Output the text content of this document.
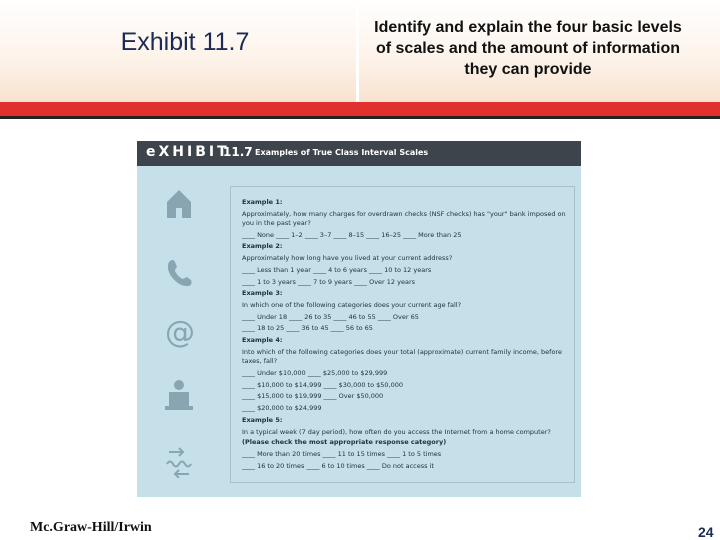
Exhibit 11.7
Identify and explain the four basic levels of scales and the amount of information they can provide
eXHIBIT
11.7 Examples of True Class Interval Scales
@
Example 1:
Approximately, how many charges for overdrawn checks (NSF checks) has "your" bank imposed on
you in the past year?
____ None ____ 1–2 ____ 3–7 ____ 8–15 ____ 16–25 ____ More than 25
Example 2:
Approximately how long have you lived at your current address?
____ Less than 1 year ____ 4 to 6 years ____ 10 to 12 years
____ 1 to 3 years ____ 7 to 9 years ____ Over 12 years
Example 3:
In which one of the following categories does your current age fall?
____ Under 18 ____ 26 to 35 ____ 46 to 55 ____ Over 65
____ 18 to 25 ____ 36 to 45 ____ 56 to 65
Example 4:
Into which of the following categories does your total (approximate) current family income, before
taxes, fall?
____ Under $10,000 ____ $25,000 to $29,999
____ $10,000 to $14,999 ____ $30,000 to $50,000
____ $15,000 to $19,999 ____ Over $50,000
____ $20,000 to $24,999
Example 5:
In a typical week (7 day period), how often do you access the Internet from a home computer?
(Please check the most appropriate response category)
____ More than 20 times ____ 11 to 15 times ____ 1 to 5 times
____ 16 to 20 times ____ 6 to 10 times ____ Do not access it
Mc.Graw-Hill/Irwin	24
